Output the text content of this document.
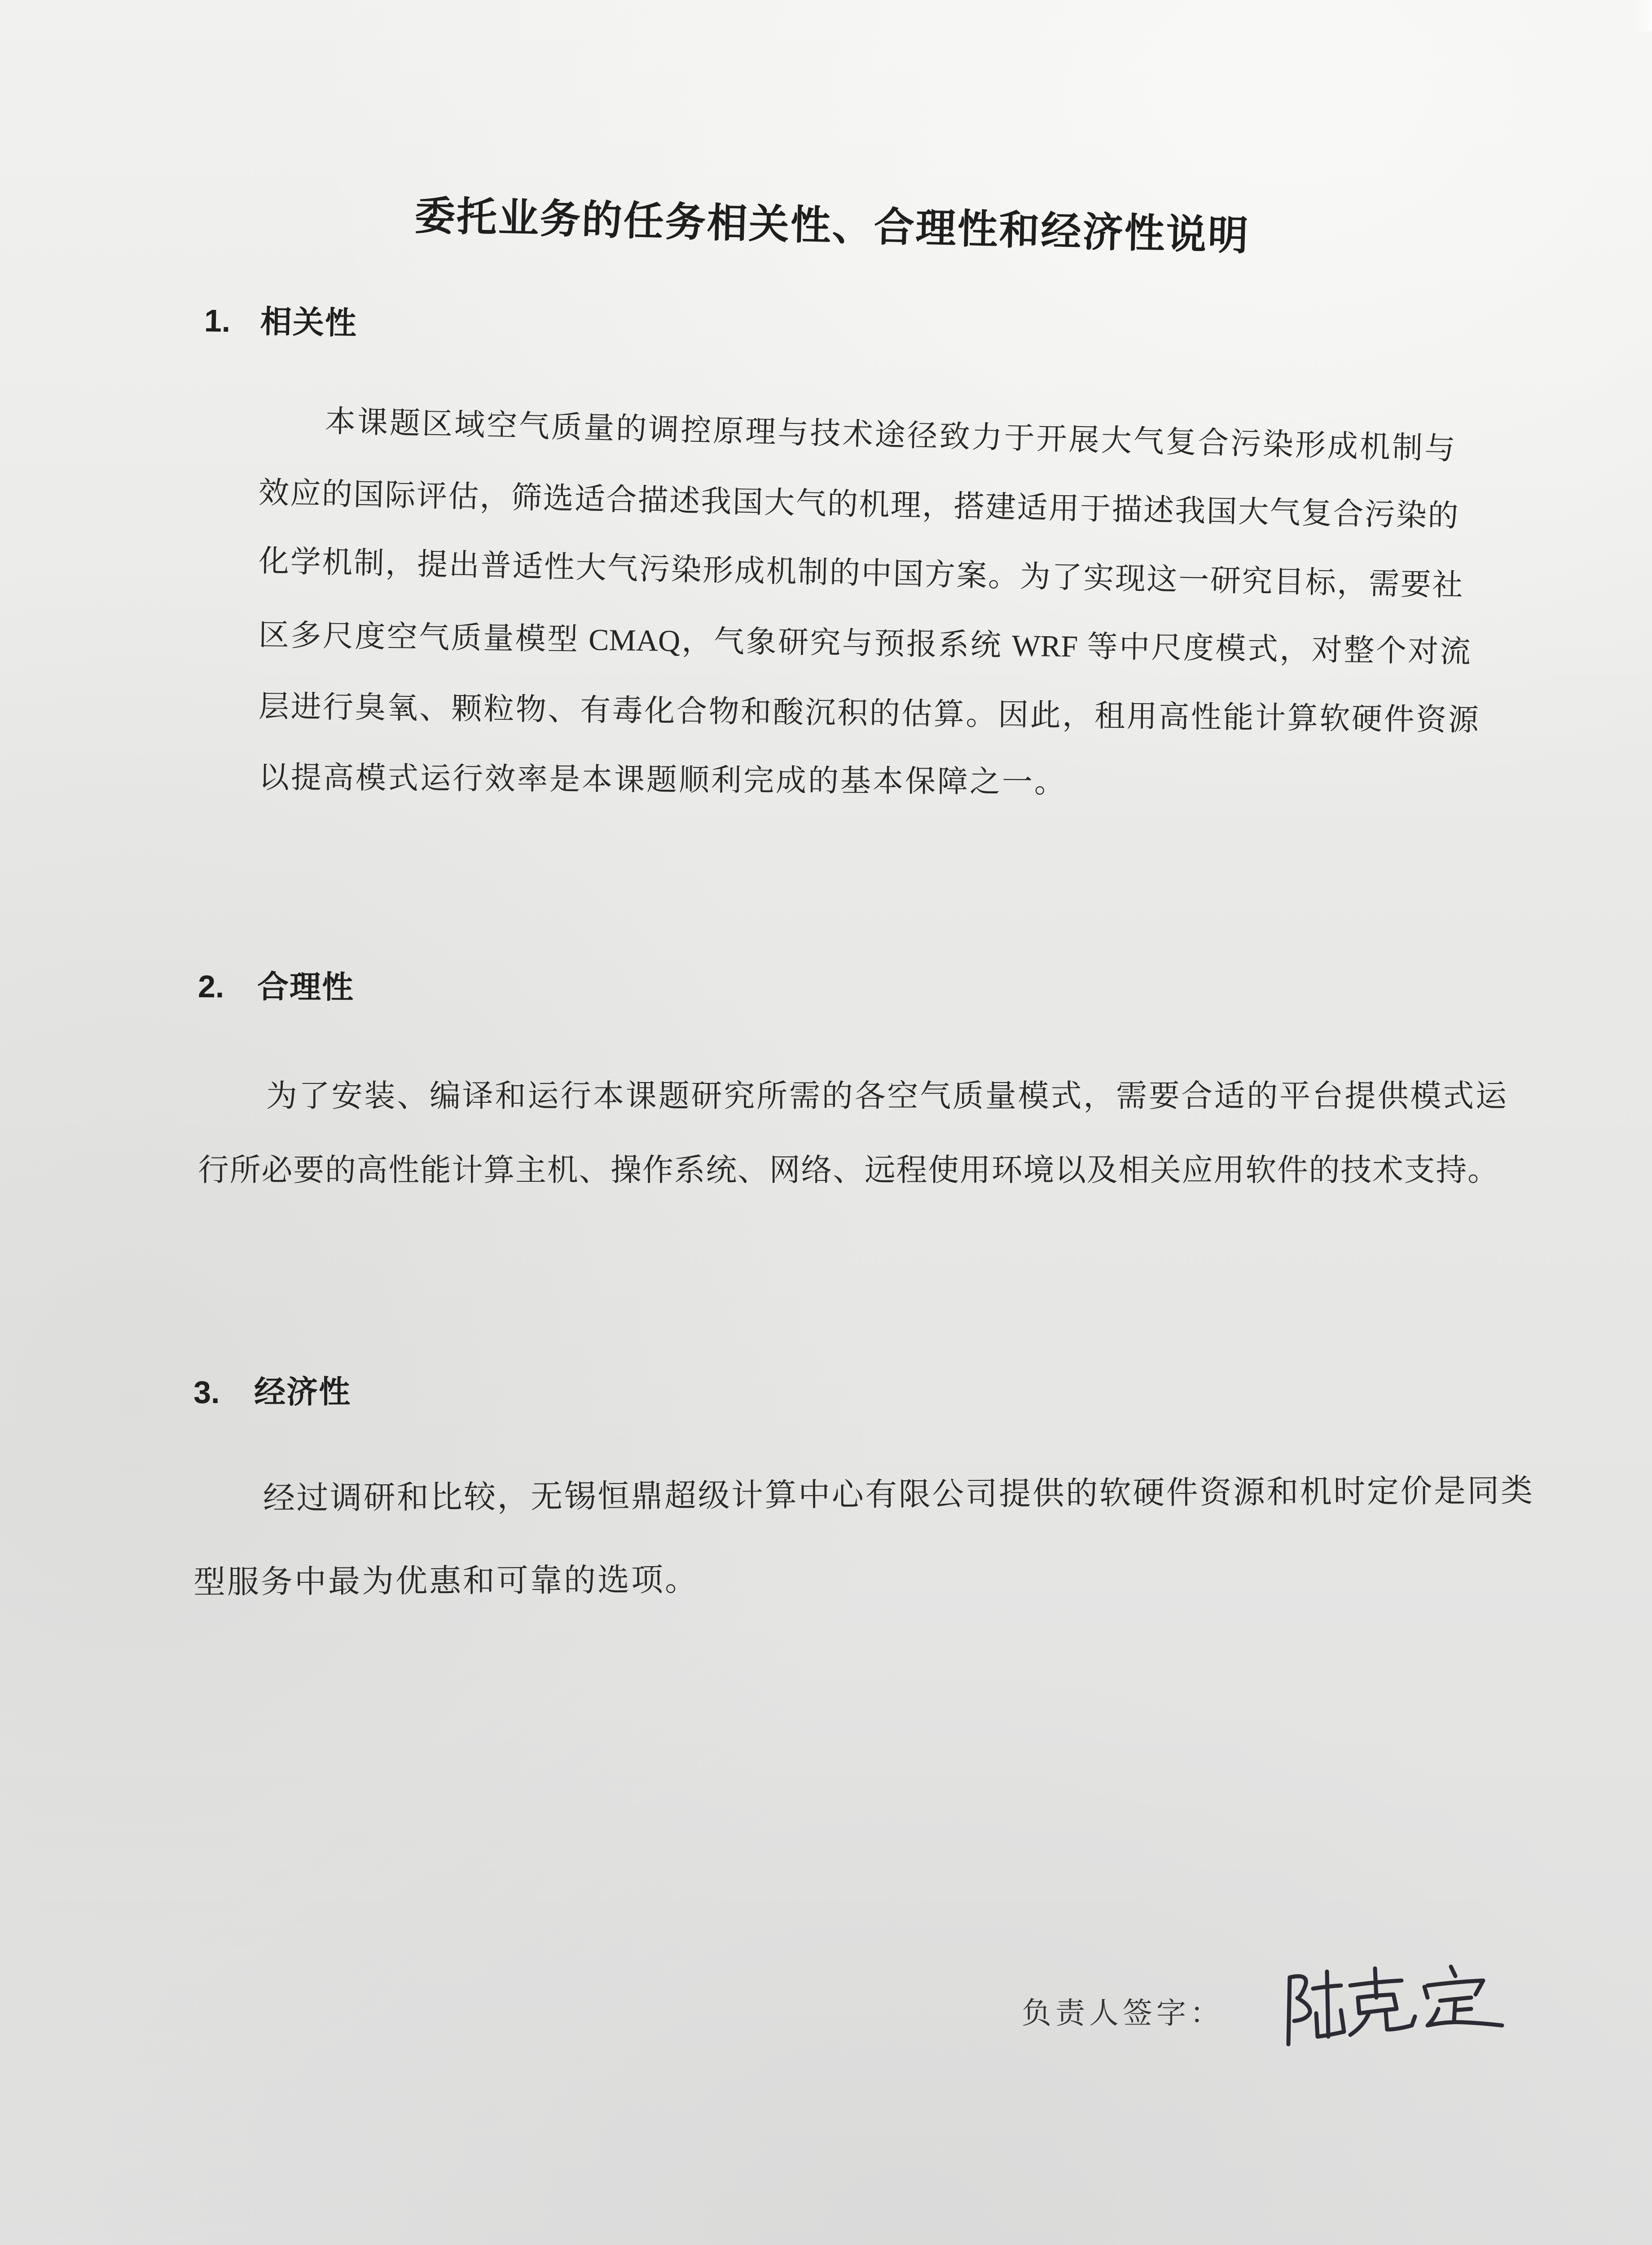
委托业务的任务相关性、合理性和经济性说明
1. 相关性
本课题区域空气质量的调控原理与技术途径致力于开展大气复合污染形成机制与
效应的国际评估，筛选适合描述我国大气的机理，搭建适用于描述我国大气复合污染的
化学机制，提出普适性大气污染形成机制的中国方案。为了实现这一研究目标，需要社
区多尺度空气质量模型 CMAQ，气象研究与预报系统 WRF 等中尺度模式，对整个对流
层进行臭氧、颗粒物、有毒化合物和酸沉积的估算。因此，租用高性能计算软硬件资源
以提高模式运行效率是本课题顺利完成的基本保障之一。
2. 合理性
为了安装、编译和运行本课题研究所需的各空气质量模式，需要合适的平台提供模式运
行所必要的高性能计算主机、操作系统、网络、远程使用环境以及相关应用软件的技术支持。
3. 经济性
经过调研和比较，无锡恒鼎超级计算中心有限公司提供的软硬件资源和机时定价是同类
型服务中最为优惠和可靠的选项。
负责人签字：
